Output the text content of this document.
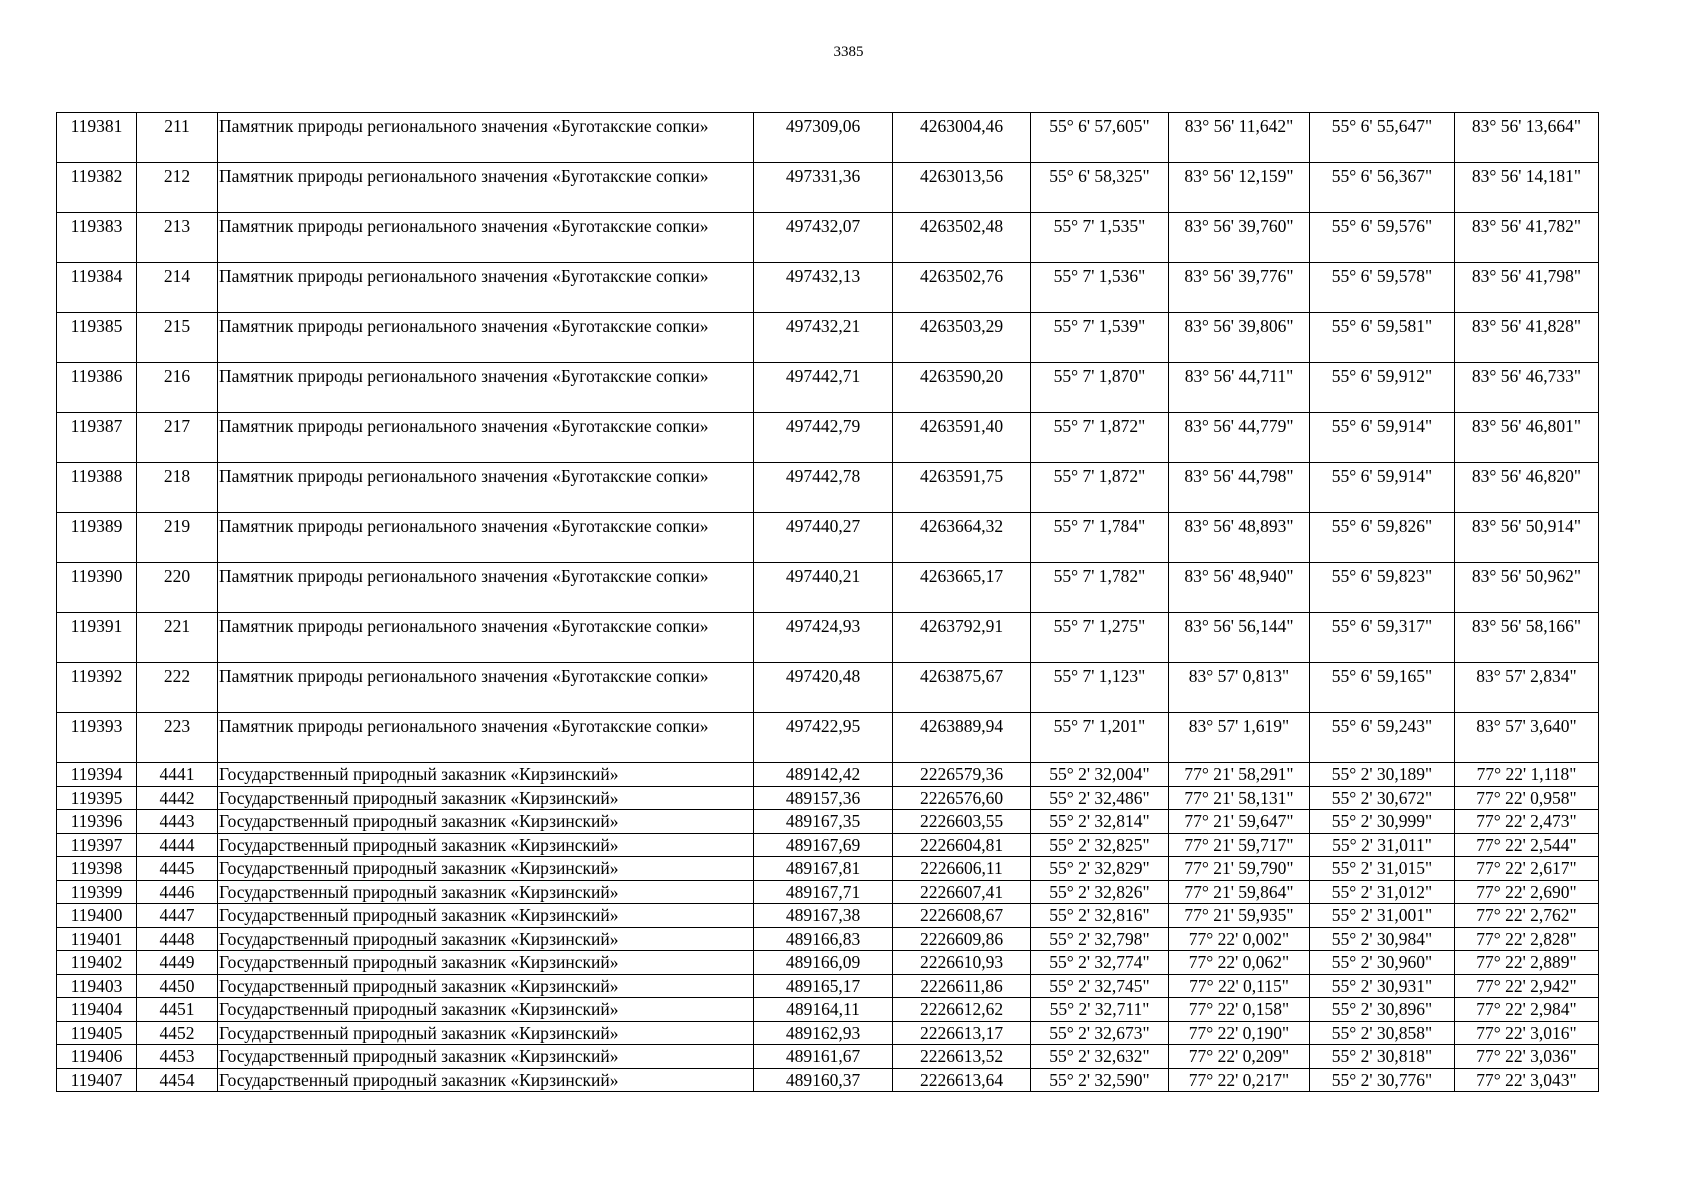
3385
119381	211	Памятник природы регионального значения «Буготакские сопки»	497309,06	4263004,46	55° 6' 57,605"	83° 56' 11,642"	55° 6' 55,647"	83° 56' 13,664"
119382	212	Памятник природы регионального значения «Буготакские сопки»	497331,36	4263013,56	55° 6' 58,325"	83° 56' 12,159"	55° 6' 56,367"	83° 56' 14,181"
119383	213	Памятник природы регионального значения «Буготакские сопки»	497432,07	4263502,48	55° 7' 1,535"	83° 56' 39,760"	55° 6' 59,576"	83° 56' 41,782"
119384	214	Памятник природы регионального значения «Буготакские сопки»	497432,13	4263502,76	55° 7' 1,536"	83° 56' 39,776"	55° 6' 59,578"	83° 56' 41,798"
119385	215	Памятник природы регионального значения «Буготакские сопки»	497432,21	4263503,29	55° 7' 1,539"	83° 56' 39,806"	55° 6' 59,581"	83° 56' 41,828"
119386	216	Памятник природы регионального значения «Буготакские сопки»	497442,71	4263590,20	55° 7' 1,870"	83° 56' 44,711"	55° 6' 59,912"	83° 56' 46,733"
119387	217	Памятник природы регионального значения «Буготакские сопки»	497442,79	4263591,40	55° 7' 1,872"	83° 56' 44,779"	55° 6' 59,914"	83° 56' 46,801"
119388	218	Памятник природы регионального значения «Буготакские сопки»	497442,78	4263591,75	55° 7' 1,872"	83° 56' 44,798"	55° 6' 59,914"	83° 56' 46,820"
119389	219	Памятник природы регионального значения «Буготакские сопки»	497440,27	4263664,32	55° 7' 1,784"	83° 56' 48,893"	55° 6' 59,826"	83° 56' 50,914"
119390	220	Памятник природы регионального значения «Буготакские сопки»	497440,21	4263665,17	55° 7' 1,782"	83° 56' 48,940"	55° 6' 59,823"	83° 56' 50,962"
119391	221	Памятник природы регионального значения «Буготакские сопки»	497424,93	4263792,91	55° 7' 1,275"	83° 56' 56,144"	55° 6' 59,317"	83° 56' 58,166"
119392	222	Памятник природы регионального значения «Буготакские сопки»	497420,48	4263875,67	55° 7' 1,123"	83° 57' 0,813"	55° 6' 59,165"	83° 57' 2,834"
119393	223	Памятник природы регионального значения «Буготакские сопки»	497422,95	4263889,94	55° 7' 1,201"	83° 57' 1,619"	55° 6' 59,243"	83° 57' 3,640"
119394	4441	Государственный природный заказник «Кирзинский»	489142,42	2226579,36	55° 2' 32,004"	77° 21' 58,291"	55° 2' 30,189"	77° 22' 1,118"
119395	4442	Государственный природный заказник «Кирзинский»	489157,36	2226576,60	55° 2' 32,486"	77° 21' 58,131"	55° 2' 30,672"	77° 22' 0,958"
119396	4443	Государственный природный заказник «Кирзинский»	489167,35	2226603,55	55° 2' 32,814"	77° 21' 59,647"	55° 2' 30,999"	77° 22' 2,473"
119397	4444	Государственный природный заказник «Кирзинский»	489167,69	2226604,81	55° 2' 32,825"	77° 21' 59,717"	55° 2' 31,011"	77° 22' 2,544"
119398	4445	Государственный природный заказник «Кирзинский»	489167,81	2226606,11	55° 2' 32,829"	77° 21' 59,790"	55° 2' 31,015"	77° 22' 2,617"
119399	4446	Государственный природный заказник «Кирзинский»	489167,71	2226607,41	55° 2' 32,826"	77° 21' 59,864"	55° 2' 31,012"	77° 22' 2,690"
119400	4447	Государственный природный заказник «Кирзинский»	489167,38	2226608,67	55° 2' 32,816"	77° 21' 59,935"	55° 2' 31,001"	77° 22' 2,762"
119401	4448	Государственный природный заказник «Кирзинский»	489166,83	2226609,86	55° 2' 32,798"	77° 22' 0,002"	55° 2' 30,984"	77° 22' 2,828"
119402	4449	Государственный природный заказник «Кирзинский»	489166,09	2226610,93	55° 2' 32,774"	77° 22' 0,062"	55° 2' 30,960"	77° 22' 2,889"
119403	4450	Государственный природный заказник «Кирзинский»	489165,17	2226611,86	55° 2' 32,745"	77° 22' 0,115"	55° 2' 30,931"	77° 22' 2,942"
119404	4451	Государственный природный заказник «Кирзинский»	489164,11	2226612,62	55° 2' 32,711"	77° 22' 0,158"	55° 2' 30,896"	77° 22' 2,984"
119405	4452	Государственный природный заказник «Кирзинский»	489162,93	2226613,17	55° 2' 32,673"	77° 22' 0,190"	55° 2' 30,858"	77° 22' 3,016"
119406	4453	Государственный природный заказник «Кирзинский»	489161,67	2226613,52	55° 2' 32,632"	77° 22' 0,209"	55° 2' 30,818"	77° 22' 3,036"
119407	4454	Государственный природный заказник «Кирзинский»	489160,37	2226613,64	55° 2' 32,590"	77° 22' 0,217"	55° 2' 30,776"	77° 22' 3,043"
